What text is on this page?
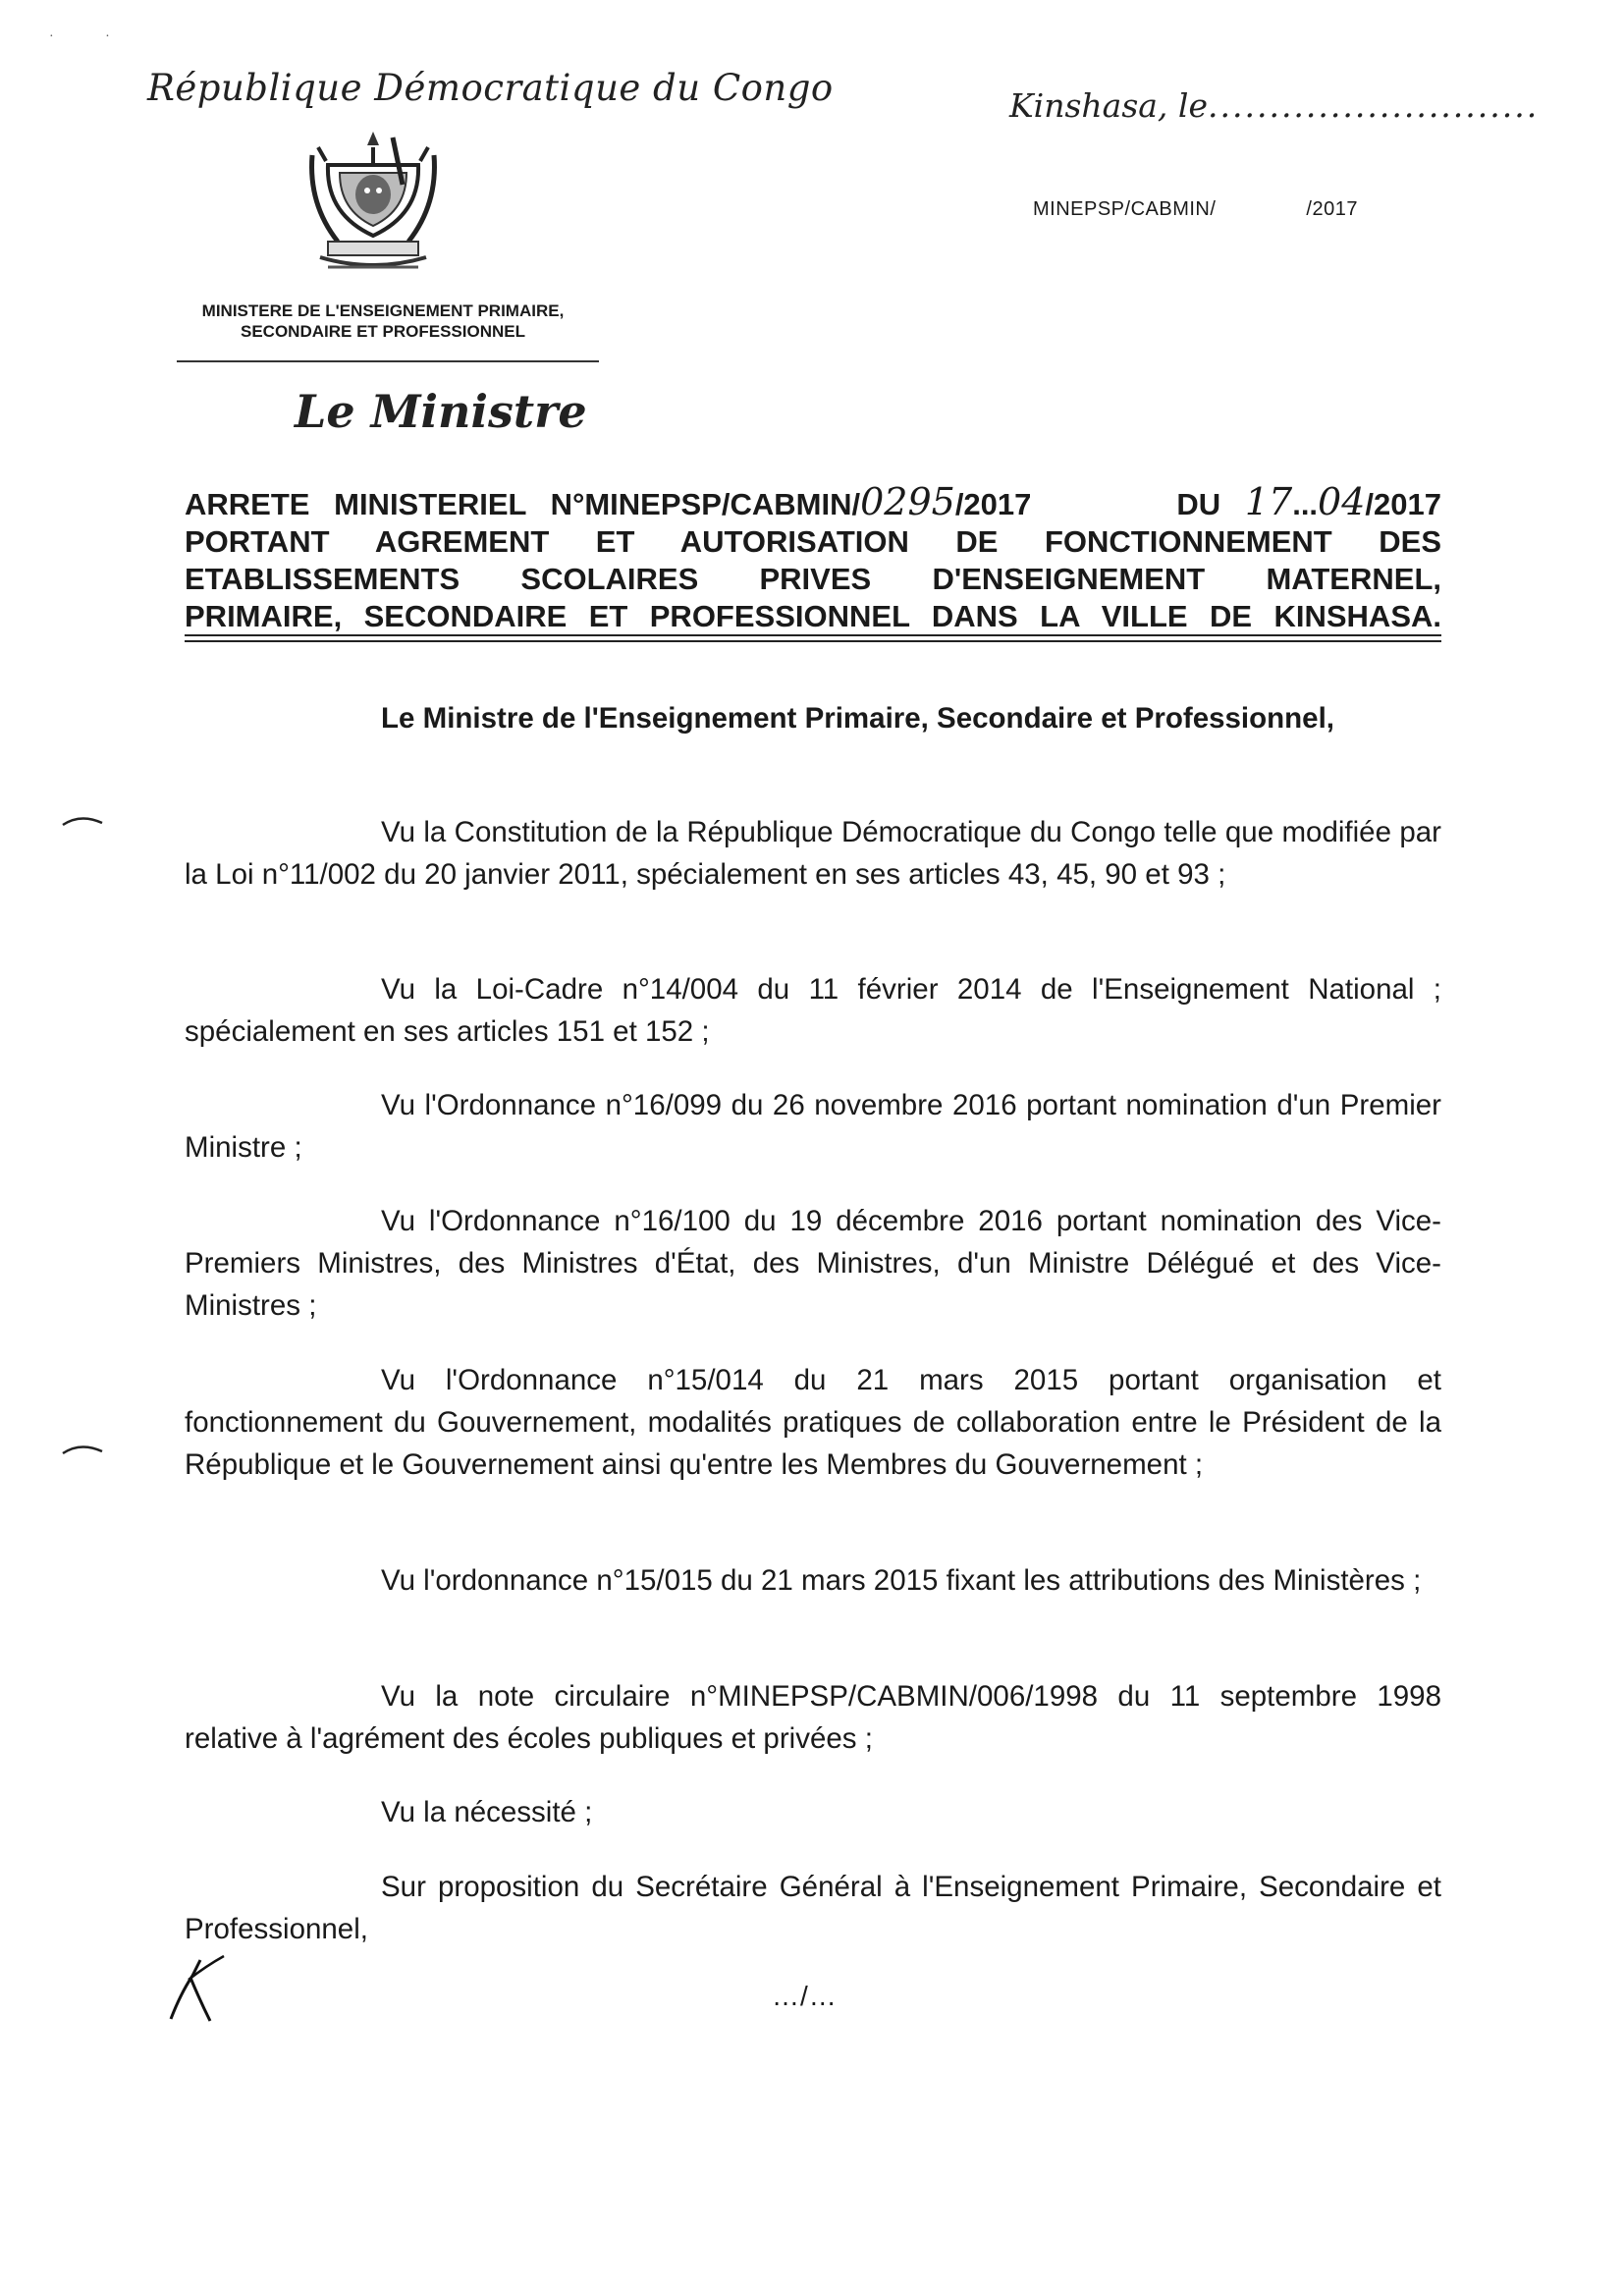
·               ·
République Démocratique du Congo	Kinshasa, le...........................
MINEPSP/CABMIN/	/2017
MINISTERE DE L'ENSEIGNEMENT PRIMAIRE,
SECONDAIRE ET PROFESSIONNEL
Le Ministre
ARRETE MINISTERIEL N°MINEPSP/CABMIN/0295/2017	DU 17...04/2017
PORTANT AGREMENT ET AUTORISATION DE FONCTIONNEMENT DES
ETABLISSEMENTS SCOLAIRES PRIVES D'ENSEIGNEMENT MATERNEL,
PRIMAIRE, SECONDAIRE ET PROFESSIONNEL DANS LA VILLE DE KINSHASA.

Le Ministre de l'Enseignement Primaire, Secondaire et Professionnel,

Vu la Constitution de la République Démocratique du Congo telle que modifiée par la Loi n°11/002 du 20 janvier 2011, spécialement en ses articles 43, 45, 90 et 93 ;

Vu la Loi-Cadre n°14/004 du 11 février 2014 de l'Enseignement National ; spécialement en ses articles 151 et 152 ;

Vu l'Ordonnance n°16/099 du 26 novembre 2016 portant nomination d'un Premier Ministre ;

Vu l'Ordonnance n°16/100 du 19 décembre 2016 portant nomination des Vice-Premiers Ministres, des Ministres d'État, des Ministres, d'un Ministre Délégué et des Vice-Ministres ;

Vu l'Ordonnance n°15/014 du 21 mars 2015 portant organisation et fonctionnement du Gouvernement, modalités pratiques de collaboration entre le Président de la République et le Gouvernement ainsi qu'entre les Membres du Gouvernement ;

Vu l'ordonnance n°15/015 du 21 mars 2015 fixant les attributions des Ministères ;

Vu la note circulaire n°MINEPSP/CABMIN/006/1998 du 11 septembre 1998 relative à l'agrément des écoles publiques et privées ;

Vu la nécessité ;

Sur proposition du Secrétaire Général à l'Enseignement Primaire, Secondaire et Professionnel,

…/…
